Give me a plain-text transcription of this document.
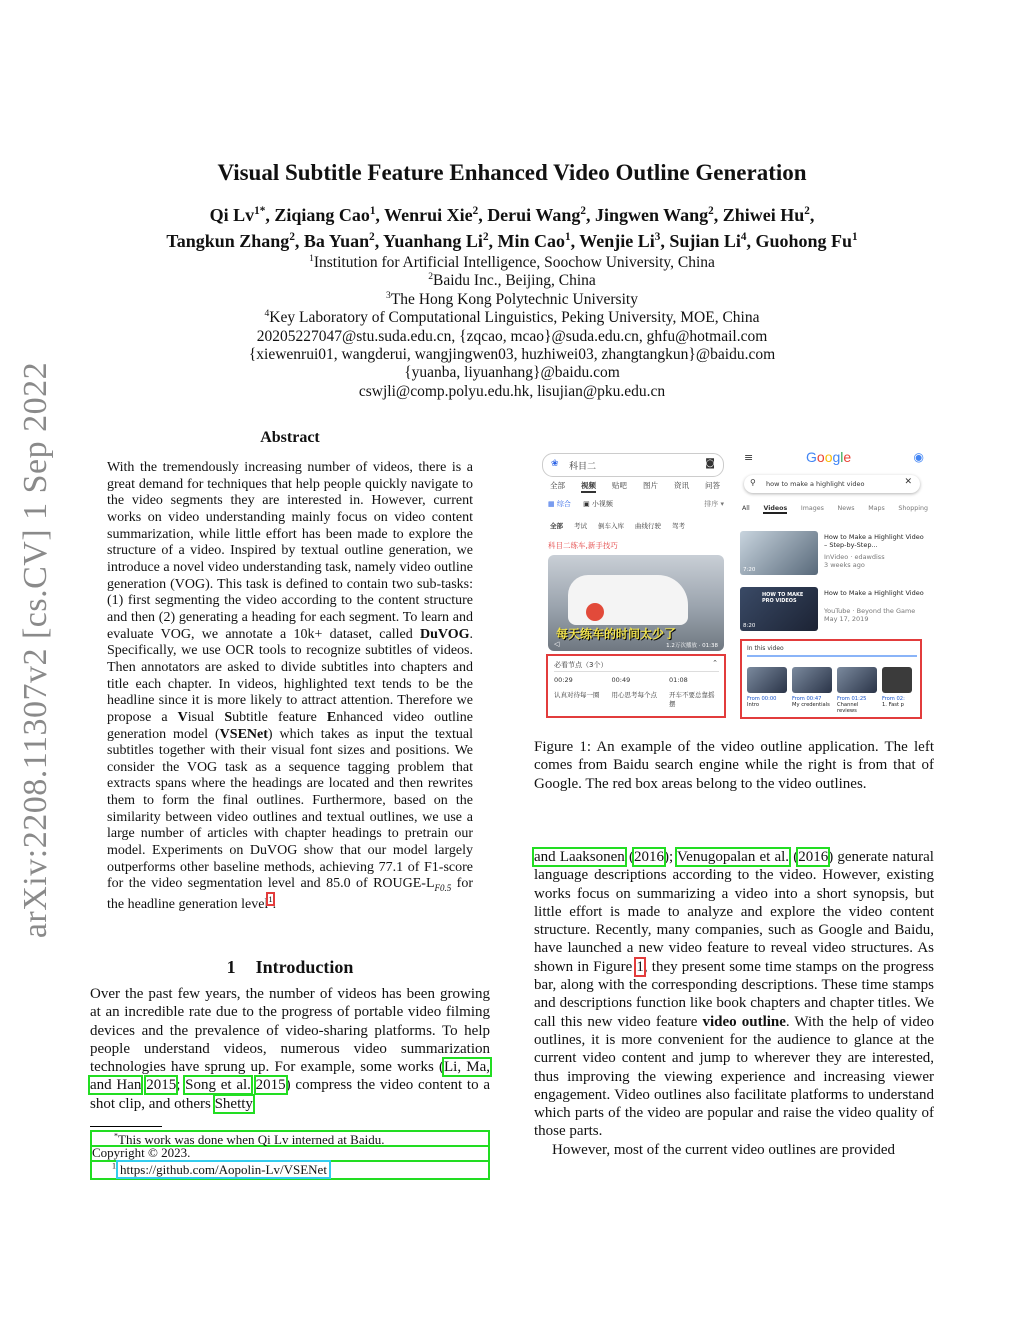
arXiv:2208.11307v2 [cs.CV] 1 Sep 2022
Visual Subtitle Feature Enhanced Video Outline Generation
Qi $Lv^{1*}$, Ziqiang Cao$^1$, Wenrui Xie$^2$, Derui Wang$^2$, Jingwen Wang$^2$, Zhiwei Hu$^2$,
Tangkun Zhang$^2$, Ba Yuan$^2$, Yuanhang Li$^2$, Min Cao$^1$, Wenjie Li$^3$, Sujian Li$^4$, Guohong Fu$^1$
$^1$Institution for Artificial Intelligence, Soochow University, China
$^2$Baidu Inc., Beijing, China
$^3$The Hong Kong Polytechnic University
$^4$Key Laboratory of Computational Linguistics, Peking University, MOE, China
20205227047@stu.suda.edu.cn, {zqcao, mcao}@suda.edu.cn, ghfu@hotmail.com
{xiewenrui01, wangderui, wangjingwen03, huzhiwei03, zhangtangkun}@baidu.com
{yuanba, liyuanhang}@baidu.com
cswjli@comp.polyu.edu.hk, lisujian@pku.edu.cn
Abstract
With the tremendously increasing number of videos, there is a great demand for techniques that help people quickly navigate to the video segments they are interested in. However, current works on video understanding mainly focus on video content summarization, while little effort has been made to explore the structure of a video. Inspired by textual outline generation, we introduce a novel video understanding task, namely video outline generation (VOG). This task is defined to contain two sub-tasks: (1) first segmenting the video according to the content structure and then (2) generating a heading for each segment. To learn and evaluate VOG, we annotate a 10k+ dataset, called DuVOG. Specifically, we use OCR tools to recognize subtitles of videos. Then annotators are asked to divide subtitles into chapters and title each chapter. In videos, highlighted text tends to be the headline since it is more likely to attract attention. Therefore we propose a Visual Subtitle feature Enhanced video outline generation model (VSENet) which takes as input the textual subtitles together with their visual font sizes and positions. We consider the VOG task as a sequence tagging problem that extracts spans where the headings are located and then rewrites them to form the final outlines. Furthermore, based on the similarity between video outlines and textual outlines, we use a large number of articles with chapter headings to pretrain our model. Experiments on DuVOG show that our model largely outperforms other baseline methods, achieving 77.1 of F1-score for the video segmentation level and 85.0 of ROUGE-$L_{F0.5}$ for the headline generation level$^1$.
1 Introduction
Over the past few years, the number of videos has been growing at an incredible rate due to the progress of portable video filming devices and the prevalence of video-sharing platforms. To help people understand videos, numerous video summarization technologies have sprung up. For example, some works (Li, Ma, and Han 2015; Song et al. 2015) compress the video content to a shot clip, and others Shetty
*This work was done when Qi Lv interned at Baidu.
Copyright © 2023.
$^1$ https://github.com/Aopolin-Lv/VSENet
❀ 科目二	◙
全部 视频 贴吧 图片 资讯 问答
▦ 综合 ▣ 小视频	排序 ▾
全部 考试 倒车入库 曲线行驶 驾考
科目二练车,新手技巧
每天练车的时间太少了
1.2万次播放 · 01:38
◁
必看节点（3个）	⌃
00:29
认真对待每一圈
00:49
用心思考每个点
01:08
开车不要总靠摇摆
≡	Google	◉
⚲ how to make a highlight video	✕
All Videos Images News Maps Shopping
7:20
How to Make a Highlight Video – Step-by-Step...
InVideo · edawdiss
3 weeks ago
HOW TO MAKE PRO VIDEOS
8:20
How to Make a Highlight Video
YouTube · Beyond the Game
May 17, 2019
In this video
From 00:00
Intro
From 00:47
My credentials
From 01:25
Channel reviews
From 02:
1. Fast p
Figure 1: An example of the video outline application. The left comes from Baidu search engine while the right is from that of Google. The red box areas belong to the video outlines.

and Laaksonen (2016); Venugopalan et al. (2016) generate natural language descriptions according to the video. However, existing works focus on summarizing a video into a short synopsis, but little effort is made to analyze and explore the video content structure. Recently, many companies, such as Google and Baidu, have launched a new video feature to reveal video structures. As shown in Figure 1, they present some time stamps on the progress bar, along with the corresponding descriptions. These time stamps and descriptions function like book chapters and chapter titles. We call this new video feature video outline. With the help of video outlines, it is more convenient for the audience to glance at the current video content and jump to wherever they are interested, thus improving the viewing experience and increasing viewer engagement. Video outlines also facilitate platforms to understand which parts of the video are popular and raise the video quality of those parts.

However, most of the current video outlines are provided
